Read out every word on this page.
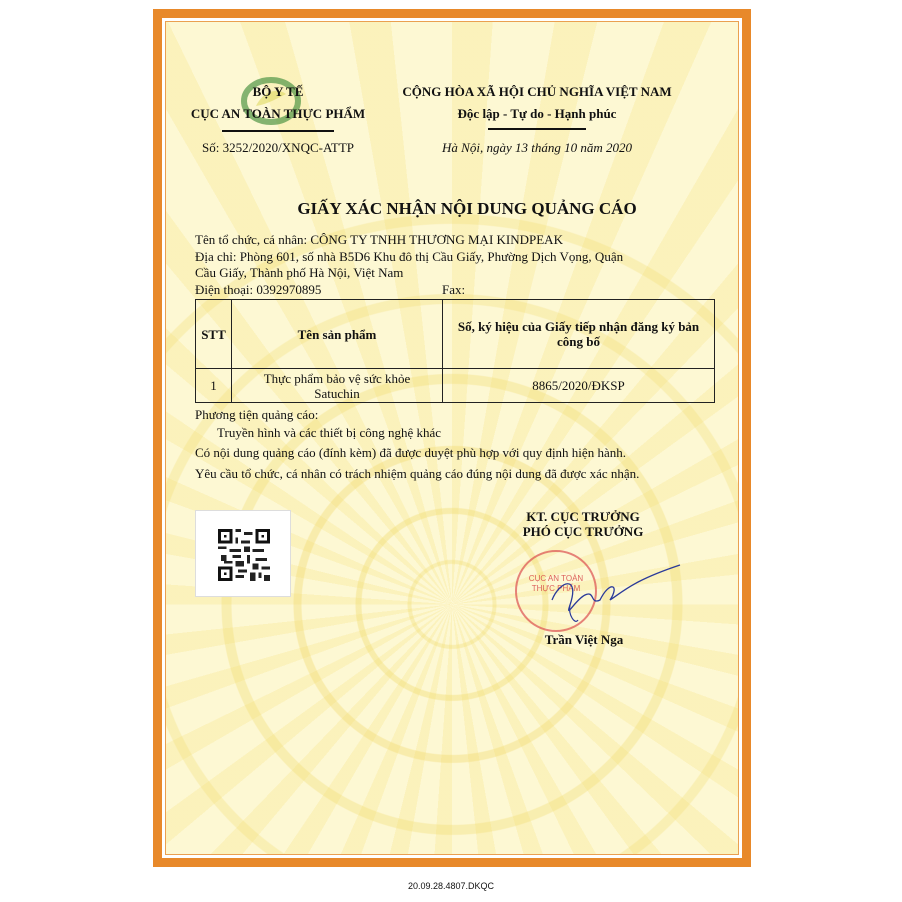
BỘ Y TẾ
CỤC AN TOÀN THỰC PHẨM
Số: 3252/2020/XNQC-ATTP
CỘNG HÒA XÃ HỘI CHỦ NGHĨA VIỆT NAM
Độc lập - Tự do - Hạnh phúc
Hà Nội, ngày 13 tháng 10 năm 2020
GIẤY XÁC NHẬN NỘI DUNG QUẢNG CÁO
Tên tổ chức, cá nhân: CÔNG TY TNHH THƯƠNG MẠI KINDPEAK
Địa chỉ: Phòng 601, số nhà B5D6 Khu đô thị Cầu Giấy, Phường Dịch Vọng, Quận
Cầu Giấy, Thành phố Hà Nội, Việt Nam
Điện thoại: 0392970895	Fax:
STT	Tên sản phẩm	Số, ký hiệu của Giấy tiếp nhận đăng ký bản công bố
1	Thực phẩm bảo vệ sức khỏe Satuchin	8865/2020/ĐKSP
Phương tiện quảng cáo:
Truyền hình và các thiết bị công nghệ khác
Có nội dung quảng cáo (đính kèm) đã được duyệt phù hợp với quy định hiện hành.
Yêu cầu tổ chức, cá nhân có trách nhiệm quảng cáo đúng nội dung đã được xác nhận.
KT. CỤC TRƯỞNG
PHÓ CỤC TRƯỞNG
CỤC AN TOÀN THỰC PHẨM
Trần Việt Nga
20.09.28.4807.DKQC
